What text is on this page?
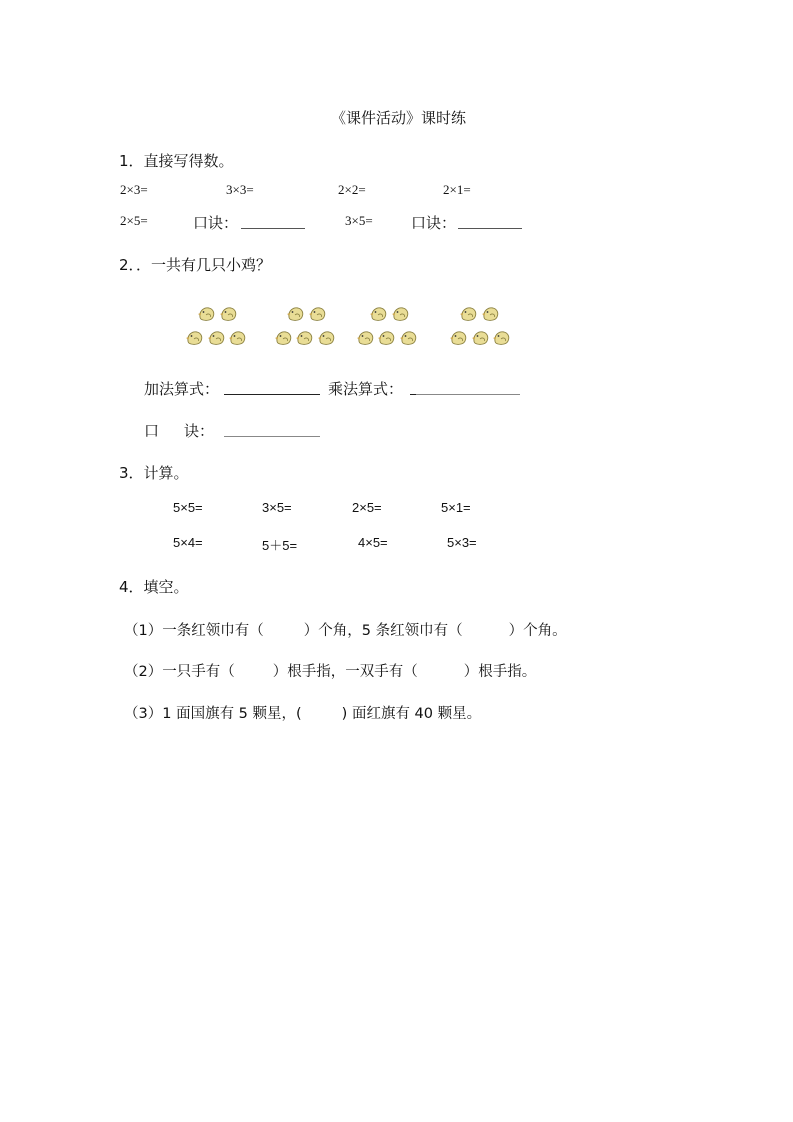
《课件活动》课时练
1．直接写得数。
2×3=	3×3=	2×2=	2×1=
2×5=	口诀：	3×5=	口诀：
2．．一共有几只小鸡？
加法算式：	乘法算式：
口 诀：
3．计算。
5×5=	3×5=	2×5=	5×1=
5×4=	5＋5=	4×5=	5×3=
4．填空。
（1）一条红领巾有（	）个角，5 条红领巾有（	）个角。
（2）一只手有（	）根手指，一双手有（	）根手指。
（3）1 面国旗有 5 颗星，(	) 面红旗有 40 颗星。
